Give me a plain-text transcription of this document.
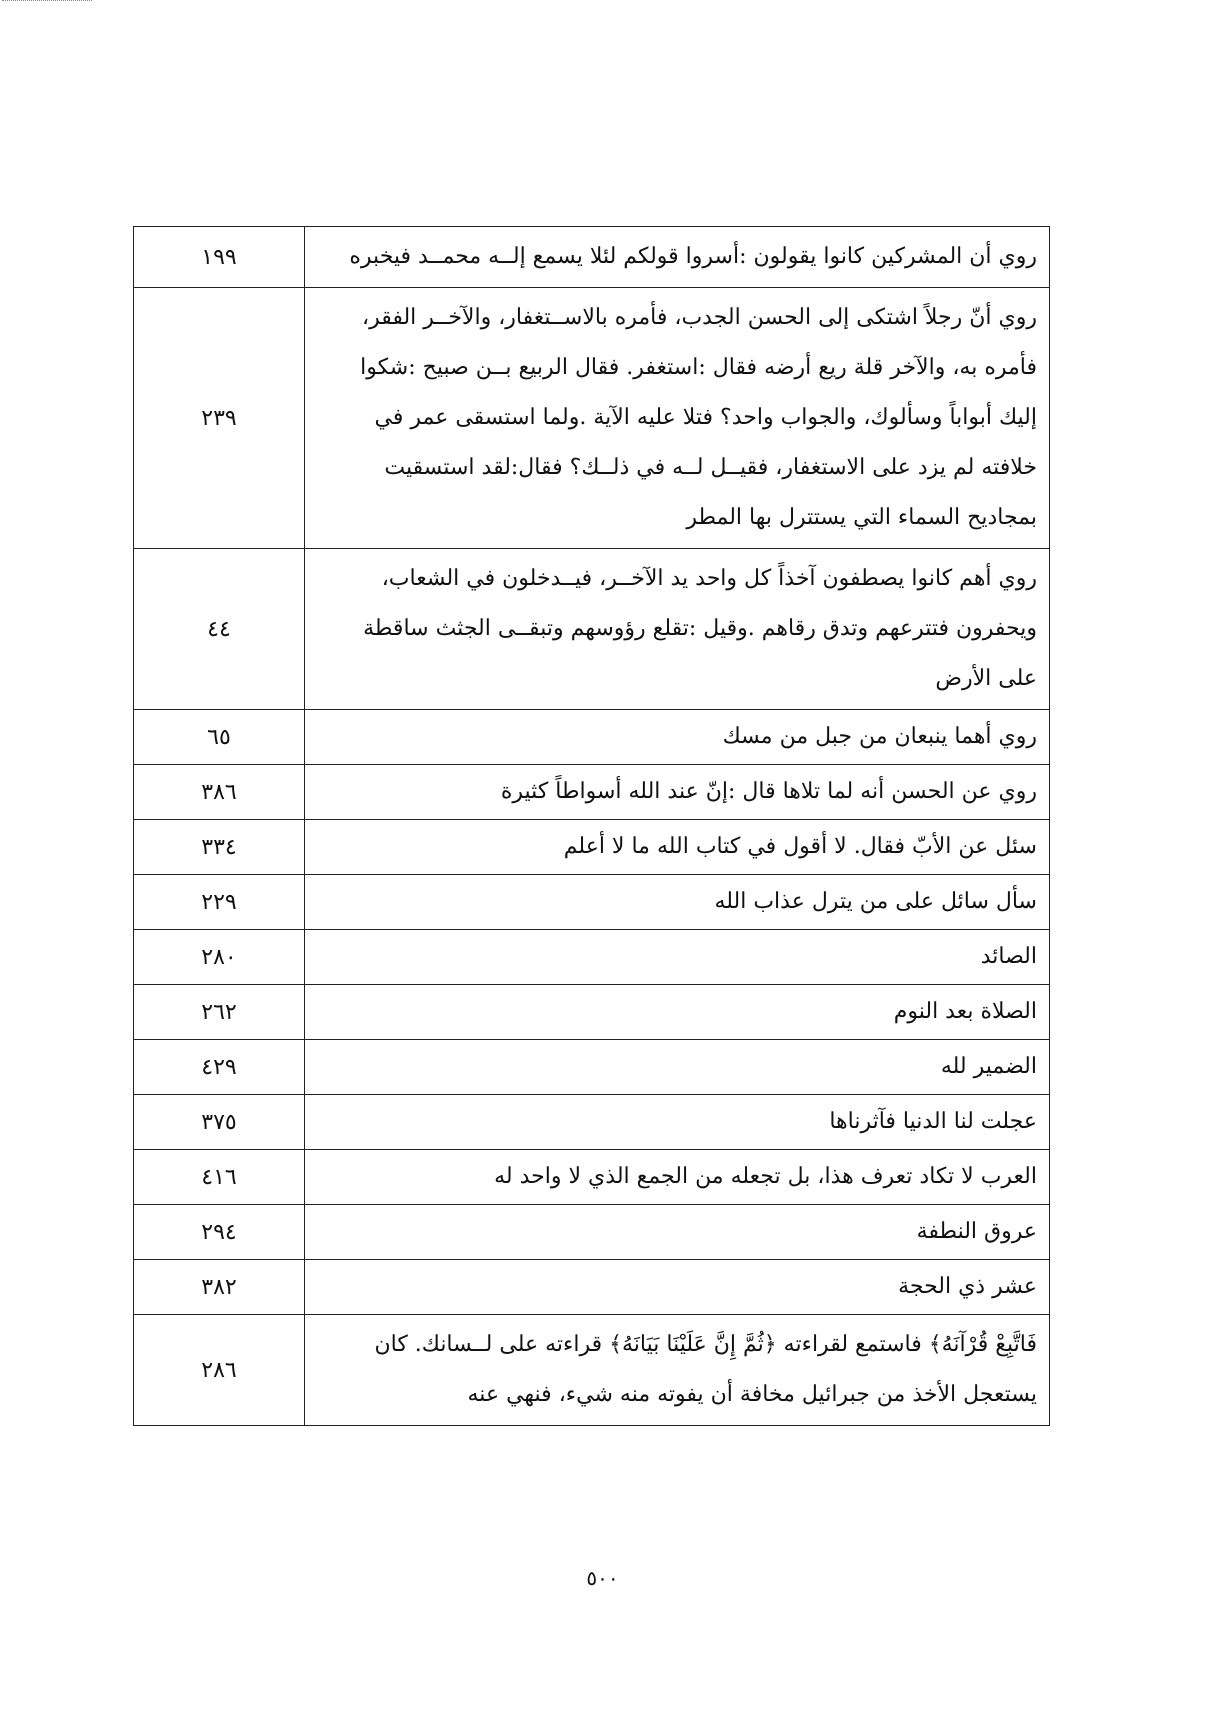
روي أن المشركين كانوا يقولون :أسروا قولكم لئلا يسمع إلــه محمــد فيخبره	١٩٩
روي أنّ رجلاً اشتكى إلى الحسن الجدب، فأمره بالاســتغفار، والآخــر الفقر، فأمره به، والآخر قلة ريع أرضه فقال :استغفر. فقال الربيع بــن صبيح :شكوا إليك أبواباً وسألوك، والجواب واحد؟ فتلا عليه الآية .ولما استسقى عمر في خلافته لم يزد على الاستغفار، فقيــل لــه في ذلــك؟ فقال:لقد استسقيت بمجاديح السماء التي يستترل بها المطر	٢٣٩
روي أهم كانوا يصطفون آخذاً كل واحد يد الآخــر، فيــدخلون في الشعاب، ويحفرون فتترعهم وتدق رقاهم .وقيل :تقلع رؤوسهم وتبقــى الجثث ساقطة على الأرض	٤٤
روي أهما ينبعان من جبل من مسك	٦٥
روي عن الحسن أنه لما تلاها قال :إنّ عند الله أسواطاً كثيرة	٣٨٦
سئل عن الأبّ فقال. لا أقول في كتاب الله ما لا أعلم	٣٣٤
سأل سائل على من يترل عذاب الله	٢٢٩
الصائد	٢٨٠
الصلاة بعد النوم	٢٦٢
الضمير لله	٤٢٩
عجلت لنا الدنيا فآثرناها	٣٧٥
العرب لا تكاد تعرف هذا، بل تجعله من الجمع الذي لا واحد له	٤١٦
عروق النطفة	٢٩٤
عشر ذي الحجة	٣٨٢
فَاتَّبِعْ قُرْآنَهُ﴾ فاستمع لقراءته ﴿ثُمَّ إِنَّ عَلَيْنَا بَيَانَهُ﴾ قراءته على لــسانك. كان يستعجل الأخذ من جبرائيل مخافة أن يفوته منه شيء، فنهي عنه	٢٨٦
٥٠٠
